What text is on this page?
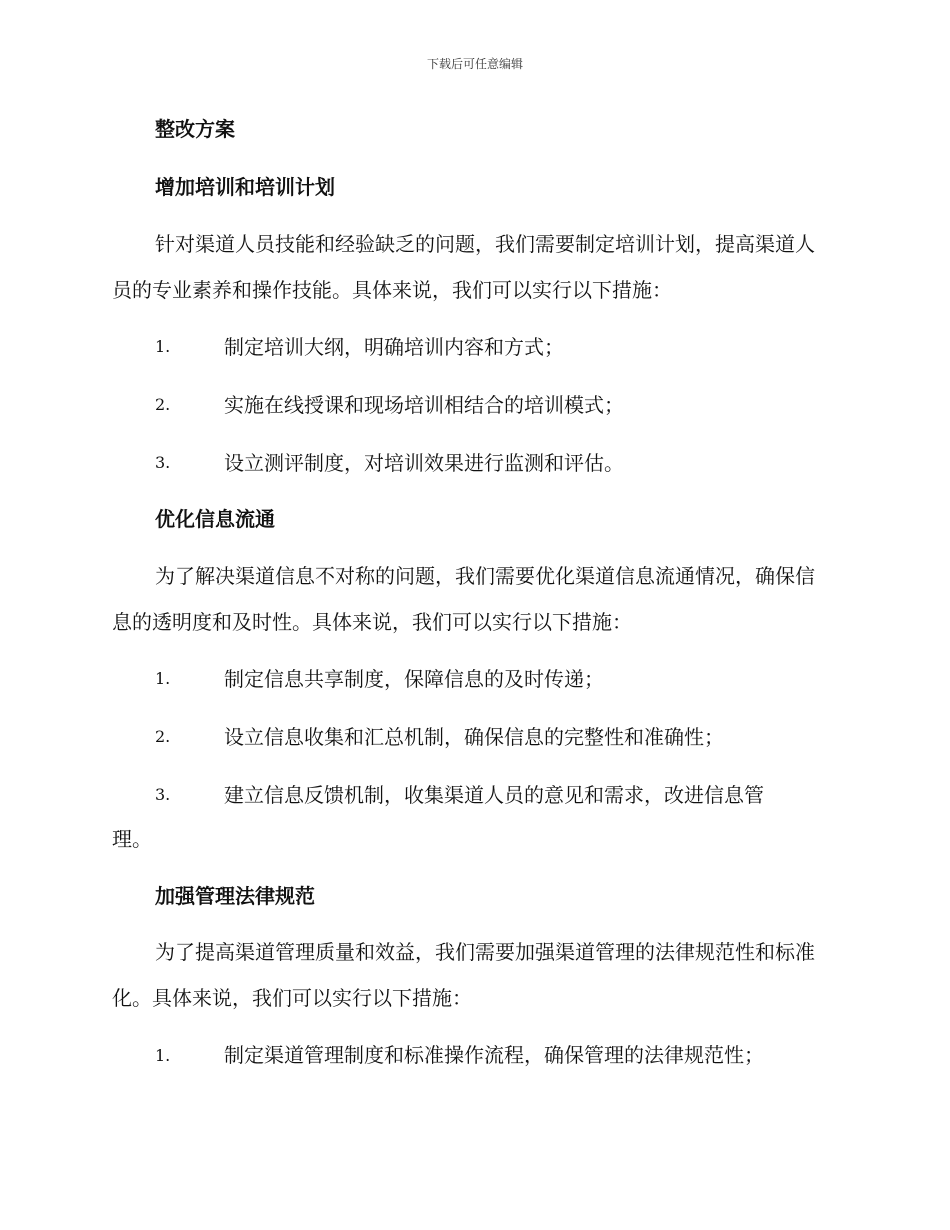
下载后可任意编辑
整改方案
增加培训和培训计划
针对渠道人员技能和经验缺乏的问题，我们需要制定培训计划，提高渠道人员的专业素养和操作技能。具体来说，我们可以实行以下措施：
1.	制定培训大纲，明确培训内容和方式；
2.	实施在线授课和现场培训相结合的培训模式；
3.	设立测评制度，对培训效果进行监测和评估。
优化信息流通
为了解决渠道信息不对称的问题，我们需要优化渠道信息流通情况，确保信息的透明度和及时性。具体来说，我们可以实行以下措施：
1.	制定信息共享制度，保障信息的及时传递；
2.	设立信息收集和汇总机制，确保信息的完整性和准确性；
3.	建立信息反馈机制，收集渠道人员的意见和需求，改进信息管
理。
加强管理法律规范
为了提高渠道管理质量和效益，我们需要加强渠道管理的法律规范性和标准化。具体来说，我们可以实行以下措施：
1.	制定渠道管理制度和标准操作流程，确保管理的法律规范性；
